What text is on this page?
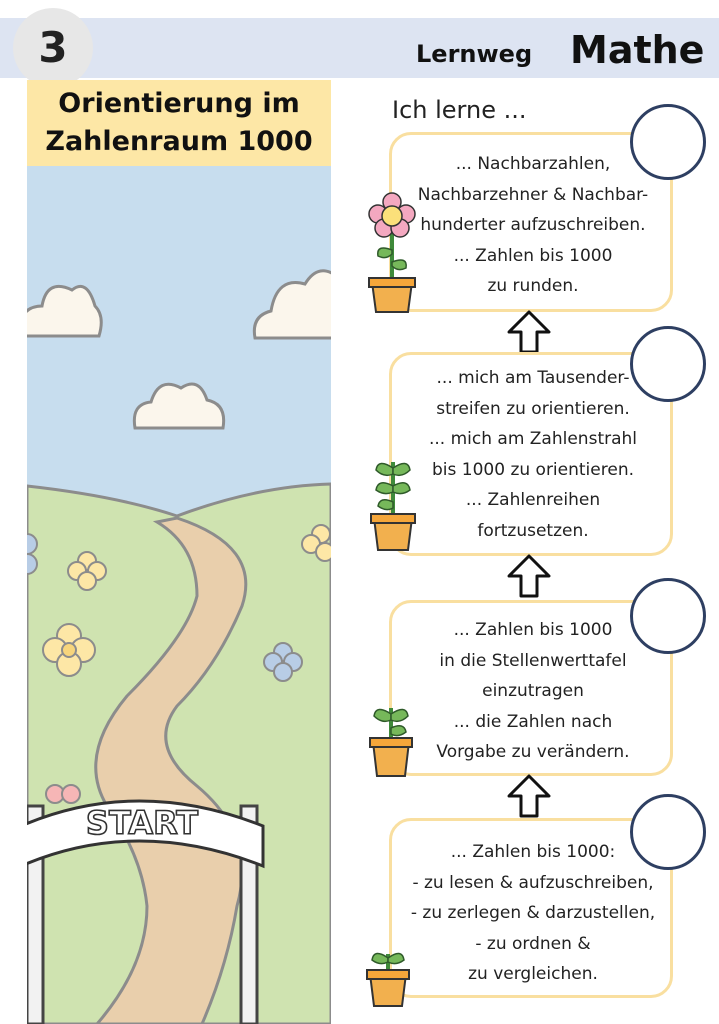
3	Lernweg Mathe
Orientierung im
Zahlenraum 1000
START
Ich lerne ...
... Nachbarzahlen,
Nachbarzehner & Nachbar-
hunderter aufzuschreiben.
... Zahlen bis 1000
zu runden.
... mich am Tausender-
streifen zu orientieren.
... mich am Zahlenstrahl
bis 1000 zu orientieren.
... Zahlenreihen
fortzusetzen.
... Zahlen bis 1000
in die Stellenwerttafel
einzutragen
... die Zahlen nach
Vorgabe zu verändern.
... Zahlen bis 1000:
- zu lesen & aufzuschreiben,
- zu zerlegen & darzustellen,
- zu ordnen &
zu vergleichen.
